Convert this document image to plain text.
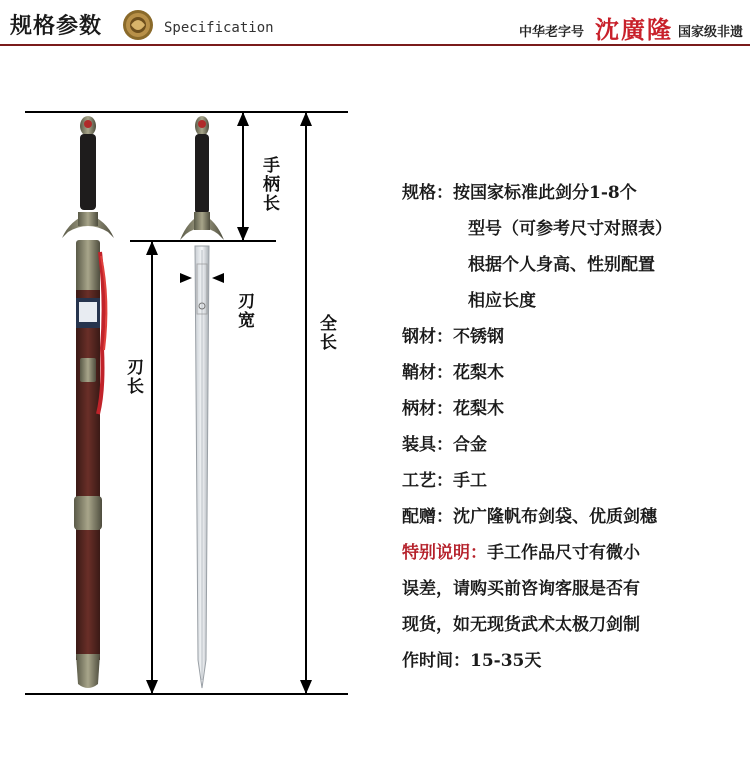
规格参数	Specification	中华老字号 沈廣隆 国家级非遗
手柄长
刃宽
刃长
全长
规格：按国家标准此剑分1-8个
型号（可参考尺寸对照表）
根据个人身高、性别配置
相应长度
钢材：不锈钢
鞘材：花梨木
柄材：花梨木
装具：合金
工艺：手工
配赠：沈广隆帆布剑袋、优质剑穗
特别说明：手工作品尺寸有微小
误差，请购买前咨询客服是否有
现货，如无现货武术太极刀剑制
作时间：15-35天
